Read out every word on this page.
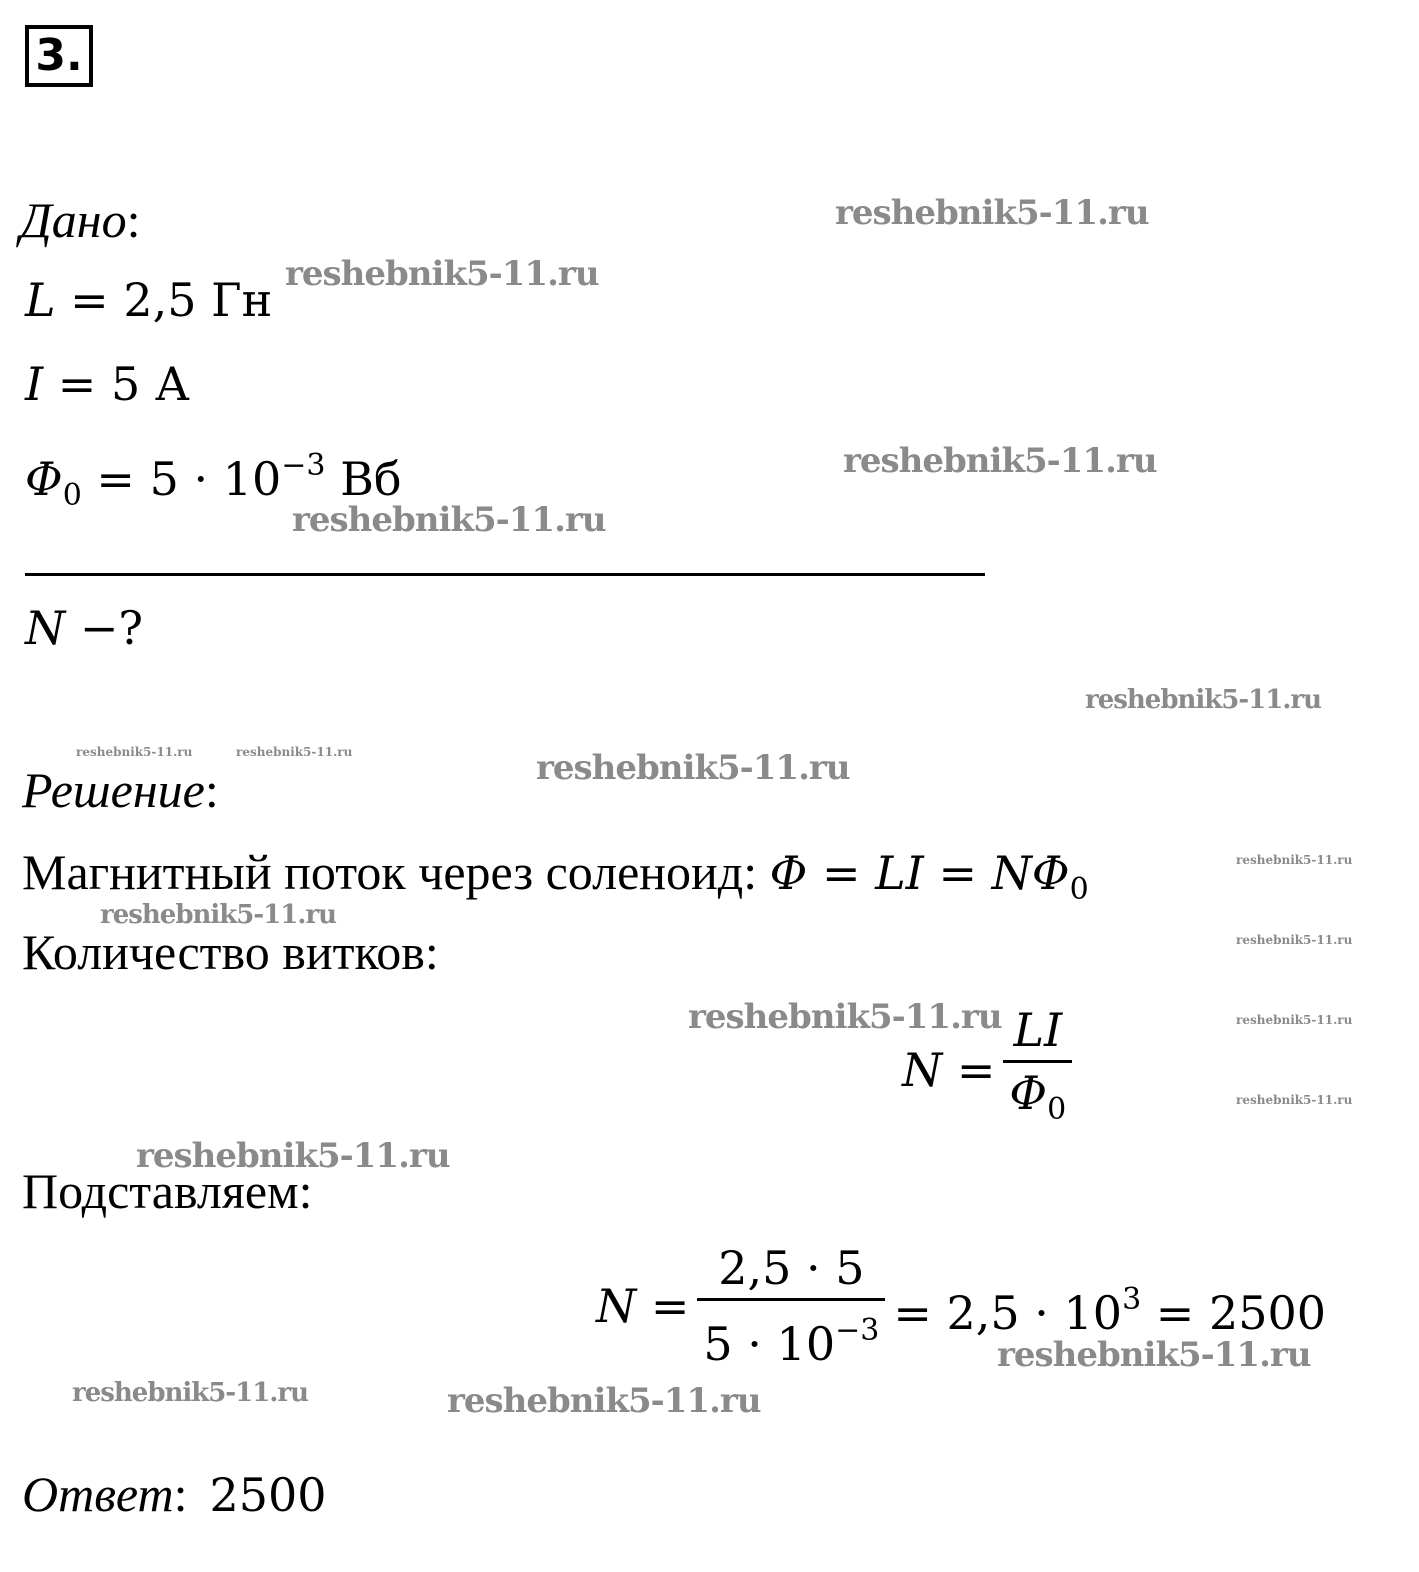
3.
Дано:
L = 2,5 Гн
I = 5 А
$\Phi_0 = 5 \cdot 10^{-3}$ Вб
N −?
Решение:
Магнитный поток через соленоид: Φ = LI = $N\Phi_0$
Количество витков:
$N = \frac{LI}{\Phi_0}$
Подставляем:
$N = \frac{2,5 \cdot 5}{5 \cdot 10^{-3}} = 2,5 \cdot 10^3 = 2500$
Ответ: 2500
reshebnik5-11.ru
reshebnik5-11.ru
reshebnik5-11.ru
reshebnik5-11.ru
reshebnik5-11.ru
reshebnik5-11.ru	reshebnik5-11.ru	reshebnik5-11.ru
reshebnik5-11.ru
reshebnik5-11.ru
reshebnik5-11.ru
reshebnik5-11.ru	reshebnik5-11.ru
reshebnik5-11.ru
reshebnik5-11.ru
reshebnik5-11.ru
reshebnik5-11.ru	reshebnik5-11.ru
